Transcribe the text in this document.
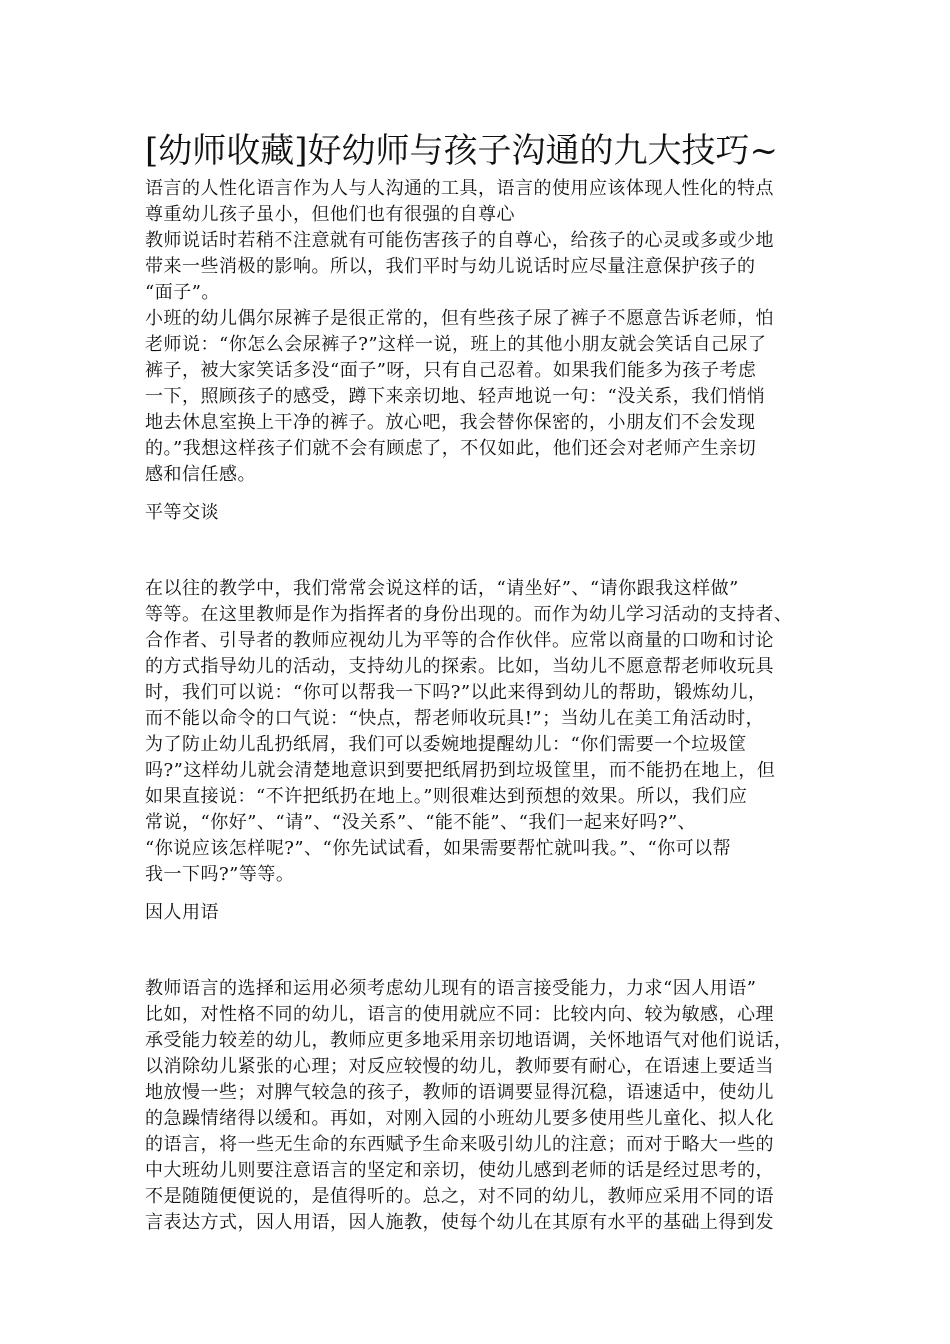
[幼师收藏]好幼师与孩子沟通的九大技巧~
语言的人性化语言作为人与人沟通的工具，语言的使用应该体现人性化的特点
尊重幼儿孩子虽小，但他们也有很强的自尊心
教师说话时若稍不注意就有可能伤害孩子的自尊心，给孩子的心灵或多或少地
带来一些消极的影响。所以，我们平时与幼儿说话时应尽量注意保护孩子的
“面子”。
小班的幼儿偶尔尿裤子是很正常的，但有些孩子尿了裤子不愿意告诉老师，怕
老师说：“你怎么会尿裤子?”这样一说，班上的其他小朋友就会笑话自己尿了
裤子，被大家笑话多没“面子”呀，只有自己忍着。如果我们能多为孩子考虑
一下，照顾孩子的感受，蹲下来亲切地、轻声地说一句：“没关系，我们悄悄
地去休息室换上干净的裤子。放心吧，我会替你保密的，小朋友们不会发现
的。”我想这样孩子们就不会有顾虑了，不仅如此，他们还会对老师产生亲切
感和信任感。
平等交谈
在以往的教学中，我们常常会说这样的话，“请坐好”、“请你跟我这样做”
等等。在这里教师是作为指挥者的身份出现的。而作为幼儿学习活动的支持者、
合作者、引导者的教师应视幼儿为平等的合作伙伴。应常以商量的口吻和讨论
的方式指导幼儿的活动，支持幼儿的探索。比如，当幼儿不愿意帮老师收玩具
时，我们可以说：“你可以帮我一下吗?”以此来得到幼儿的帮助，锻炼幼儿，
而不能以命令的口气说：“快点，帮老师收玩具!”；当幼儿在美工角活动时，
为了防止幼儿乱扔纸屑，我们可以委婉地提醒幼儿：“你们需要一个垃圾筐
吗?”这样幼儿就会清楚地意识到要把纸屑扔到垃圾筐里，而不能扔在地上，但
如果直接说：“不许把纸扔在地上。”则很难达到预想的效果。所以，我们应
常说，“你好”、“请”、“没关系”、“能不能”、“我们一起来好吗?”、
“你说应该怎样呢?”、“你先试试看，如果需要帮忙就叫我。”、“你可以帮
我一下吗?”等等。
因人用语
教师语言的选择和运用必须考虑幼儿现有的语言接受能力，力求“因人用语”
比如，对性格不同的幼儿，语言的使用就应不同：比较内向、较为敏感，心理
承受能力较差的幼儿，教师应更多地采用亲切地语调，关怀地语气对他们说话，
以消除幼儿紧张的心理；对反应较慢的幼儿，教师要有耐心，在语速上要适当
地放慢一些；对脾气较急的孩子，教师的语调要显得沉稳，语速适中，使幼儿
的急躁情绪得以缓和。再如，对刚入园的小班幼儿要多使用些儿童化、拟人化
的语言，将一些无生命的东西赋予生命来吸引幼儿的注意；而对于略大一些的
中大班幼儿则要注意语言的坚定和亲切，使幼儿感到老师的话是经过思考的，
不是随随便便说的，是值得听的。总之，对不同的幼儿，教师应采用不同的语
言表达方式，因人用语，因人施教，使每个幼儿在其原有水平的基础上得到发
